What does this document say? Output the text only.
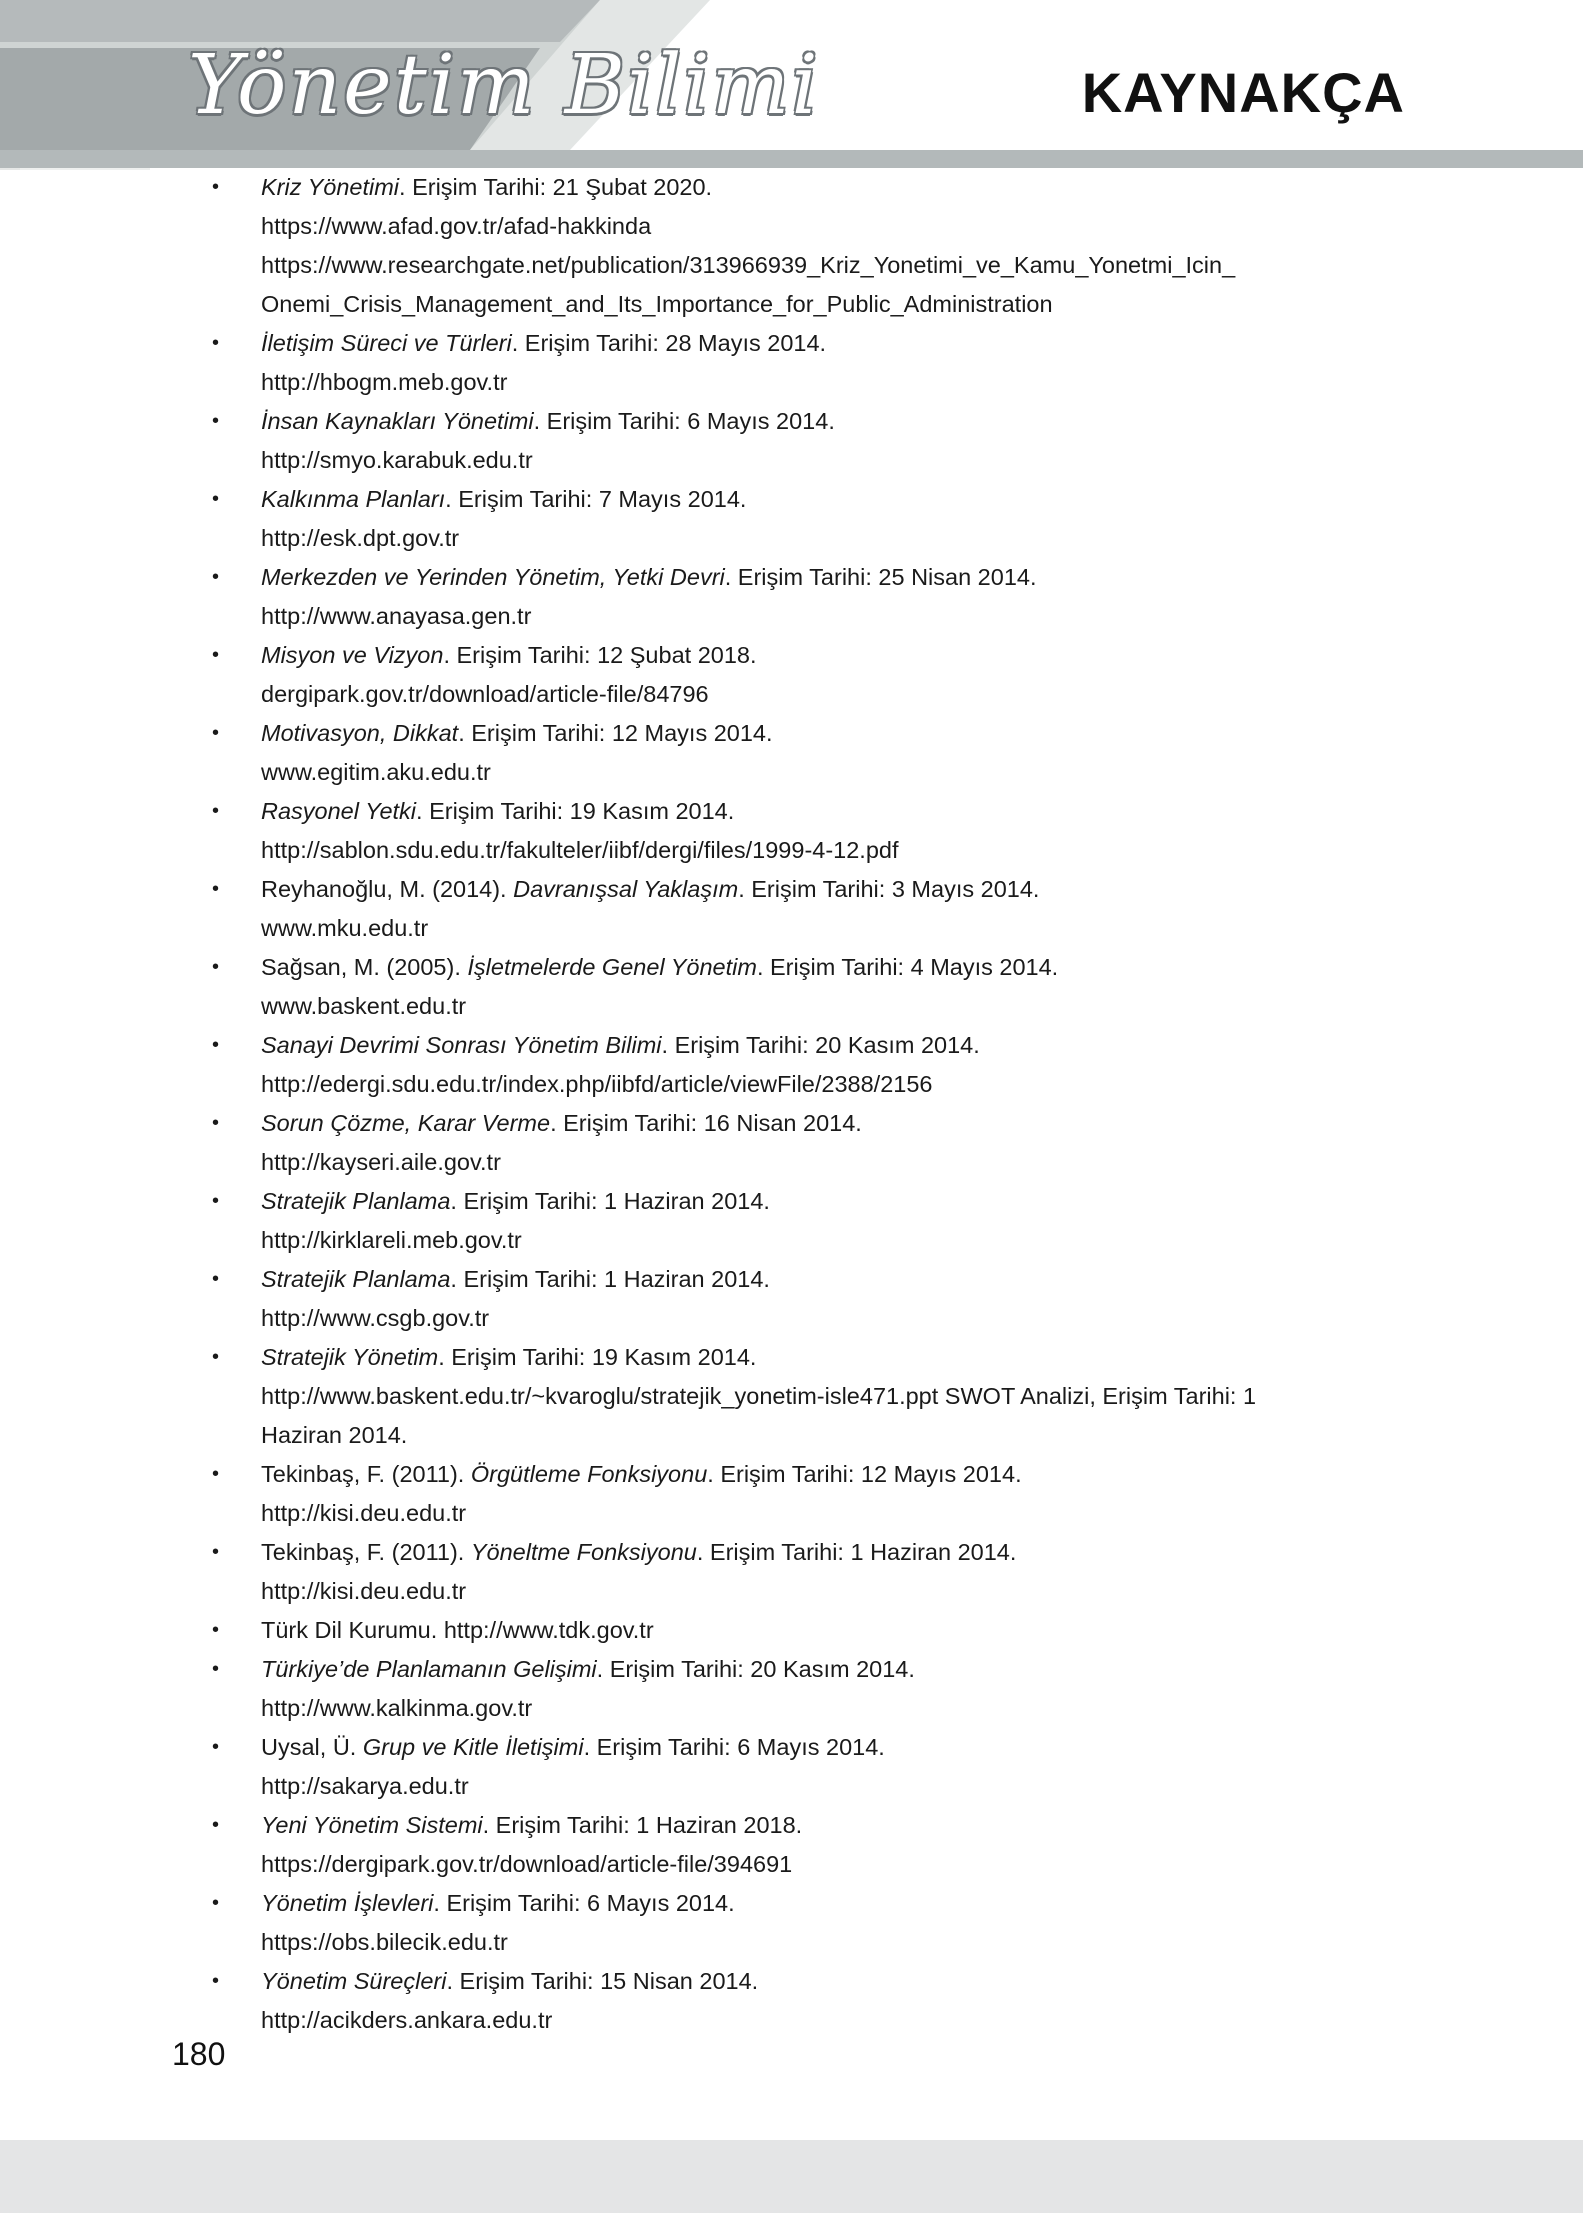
Yönetim Bilimi	KAYNAKÇA
• Kriz Yönetimi. Erişim Tarihi: 21 Şubat 2020.

https://www.afad.gov.tr/afad-hakkinda

https://www.researchgate.net/publication/313966939_Kriz_Yonetimi_ve_Kamu_Yonetmi_Icin_

Onemi_Crisis_Management_and_Its_Importance_for_Public_Administration

• İletişim Süreci ve Türleri. Erişim Tarihi: 28 Mayıs 2014.

http://hbogm.meb.gov.tr

• İnsan Kaynakları Yönetimi. Erişim Tarihi: 6 Mayıs 2014.

http://smyo.karabuk.edu.tr

• Kalkınma Planları. Erişim Tarihi: 7 Mayıs 2014.

http://esk.dpt.gov.tr

• Merkezden ve Yerinden Yönetim, Yetki Devri. Erişim Tarihi: 25 Nisan 2014.

http://www.anayasa.gen.tr

• Misyon ve Vizyon. Erişim Tarihi: 12 Şubat 2018.

dergipark.gov.tr/download/article-file/84796

• Motivasyon, Dikkat. Erişim Tarihi: 12 Mayıs 2014.

www.egitim.aku.edu.tr

• Rasyonel Yetki. Erişim Tarihi: 19 Kasım 2014.

http://sablon.sdu.edu.tr/fakulteler/iibf/dergi/files/1999-4-12.pdf

• Reyhanoğlu, M. (2014). Davranışsal Yaklaşım. Erişim Tarihi: 3 Mayıs 2014.

www.mku.edu.tr

• Sağsan, M. (2005). İşletmelerde Genel Yönetim. Erişim Tarihi: 4 Mayıs 2014.

www.baskent.edu.tr

• Sanayi Devrimi Sonrası Yönetim Bilimi. Erişim Tarihi: 20 Kasım 2014.

http://edergi.sdu.edu.tr/index.php/iibfd/article/viewFile/2388/2156

• Sorun Çözme, Karar Verme. Erişim Tarihi: 16 Nisan 2014.

http://kayseri.aile.gov.tr

• Stratejik Planlama. Erişim Tarihi: 1 Haziran 2014.

http://kirklareli.meb.gov.tr

• Stratejik Planlama. Erişim Tarihi: 1 Haziran 2014.

http://www.csgb.gov.tr

• Stratejik Yönetim. Erişim Tarihi: 19 Kasım 2014.

http://www.baskent.edu.tr/~kvaroglu/stratejik_yonetim-isle471.ppt SWOT Analizi, Erişim Tarihi: 1

Haziran 2014.

• Tekinbaş, F. (2011). Örgütleme Fonksiyonu. Erişim Tarihi: 12 Mayıs 2014.

http://kisi.deu.edu.tr

• Tekinbaş, F. (2011). Yöneltme Fonksiyonu. Erişim Tarihi: 1 Haziran 2014.

http://kisi.deu.edu.tr

• Türk Dil Kurumu. http://www.tdk.gov.tr

• Türkiye’de Planlamanın Gelişimi. Erişim Tarihi: 20 Kasım 2014.

http://www.kalkinma.gov.tr

• Uysal, Ü. Grup ve Kitle İletişimi. Erişim Tarihi: 6 Mayıs 2014.

http://sakarya.edu.tr

• Yeni Yönetim Sistemi. Erişim Tarihi: 1 Haziran 2018.

https://dergipark.gov.tr/download/article-file/394691

• Yönetim İşlevleri. Erişim Tarihi: 6 Mayıs 2014.

https://obs.bilecik.edu.tr

• Yönetim Süreçleri. Erişim Tarihi: 15 Nisan 2014.

http://acikders.ankara.edu.tr

180
